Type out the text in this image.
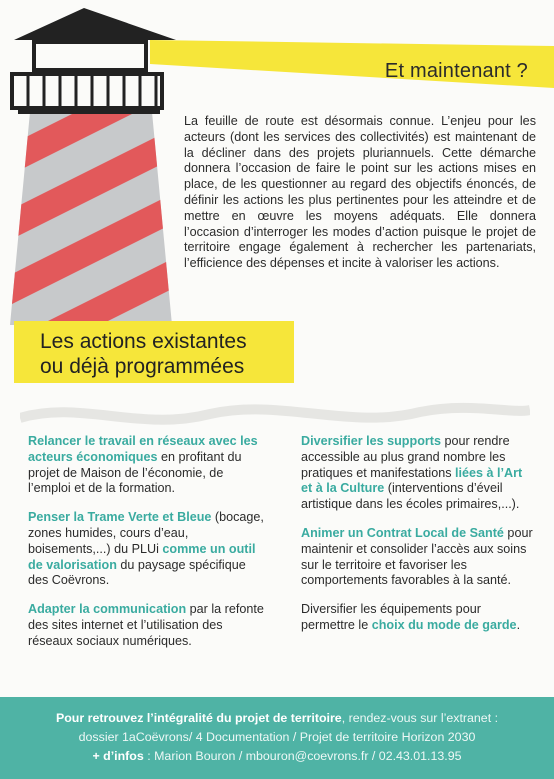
Et maintenant ?

La feuille de route est désormais connue. L’enjeu pour les acteurs (dont les services des collectivités) est maintenant de la décliner dans des projets pluriannuels. Cette démarche donnera l’occasion de faire le point sur les actions mises en place, de les questionner au regard des objectifs énoncés, de définir les actions les plus pertinentes pour les atteindre et de mettre en œuvre les moyens adéquats. Elle donnera l’occasion d’interroger les modes d’action puisque le projet de territoire engage également à rechercher les partenariats, l’efficience des dépenses et incite à valoriser les actions.

Les actions existantes
ou déjà programmées

Relancer le travail en réseaux avec les acteurs économiques en profitant du projet de Maison de l’économie, de l’emploi et de la formation.

Penser la Trame Verte et Bleue (bocage, zones humides, cours d’eau, boisements,...) du PLUi comme un outil de valorisation du paysage spécifique des Coëvrons.

Adapter la communication par la refonte des sites internet et l’utilisation des réseaux sociaux numériques.

Diversifier les supports pour rendre accessible au plus grand nombre les pratiques et manifestations liées à l’Art et à la Culture (interventions d’éveil artistique dans les écoles primaires,...).

Animer un Contrat Local de Santé pour maintenir et consolider l’accès aux soins sur le territoire et favoriser les comportements favorables à la santé.

Diversifier les équipements pour permettre le choix du mode de garde.

Pour retrouvez l’intégralité du projet de territoire, rendez-vous sur l’extranet :
dossier 1aCoëvrons/ 4 Documentation / Projet de territoire Horizon 2030
+ d’infos : Marion Bouron / mbouron@coevrons.fr / 02.43.01.13.95
